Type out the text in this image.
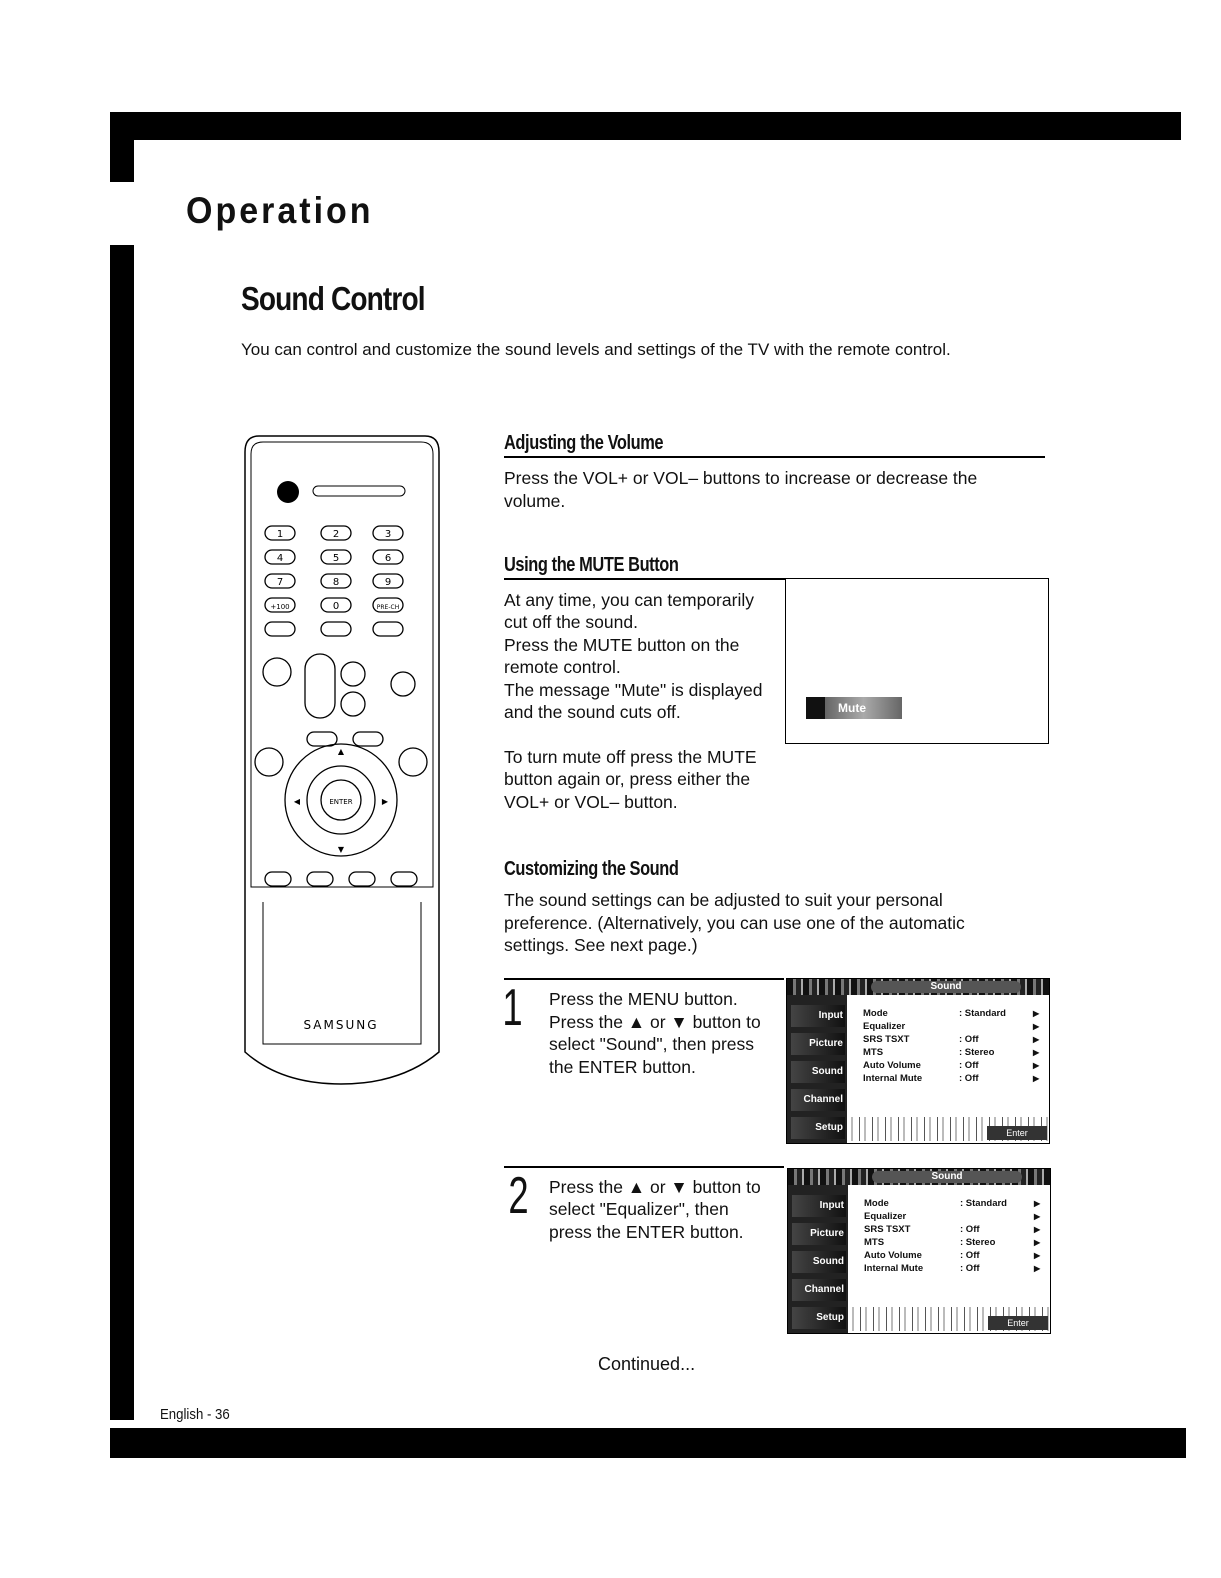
Operation
Sound Control
You can control and customize the sound levels and settings of the TV with the remote control.
1	2	3
4	5	6
7	8	9
+100	0	PRE-CH
ENTER
SAMSUNG
▲
▼
◀	▶
Adjusting the Volume
Press the VOL+ or VOL– buttons to increase or decrease the
volume.
Using the MUTE Button
At any time, you can temporarily
cut off the sound.
Press the MUTE button on the
remote control.
The message "Mute" is displayed
and the sound cuts off.
To turn mute off press the MUTE
button again or, press either the
VOL+ or VOL– button.
Mute
Customizing the Sound
The sound settings can be adjusted to suit your personal
preference. (Alternatively, you can use one of the automatic
settings. See next page.)
1 Press the MENU button.
Press the ▲ or ▼ button to
select "Sound", then press
the ENTER button.
Sound
Input
Picture
Sound
Channel
Setup
Mode	: Standard	▶
Equalizer	▶
SRS TSXT	: Off	▶
MTS	: Stereo	▶
Auto Volume	: Off	▶
Internal Mute	: Off	▶
Enter
2 Press the ▲ or ▼ button to
select "Equalizer", then
press the ENTER button.
Sound
Input
Picture
Sound
Channel
Setup
Mode	: Standard	▶
Equalizer	▶
SRS TSXT	: Off	▶
MTS	: Stereo	▶
Auto Volume	: Off	▶
Internal Mute	: Off	▶
Enter
Continued...
English - 36
